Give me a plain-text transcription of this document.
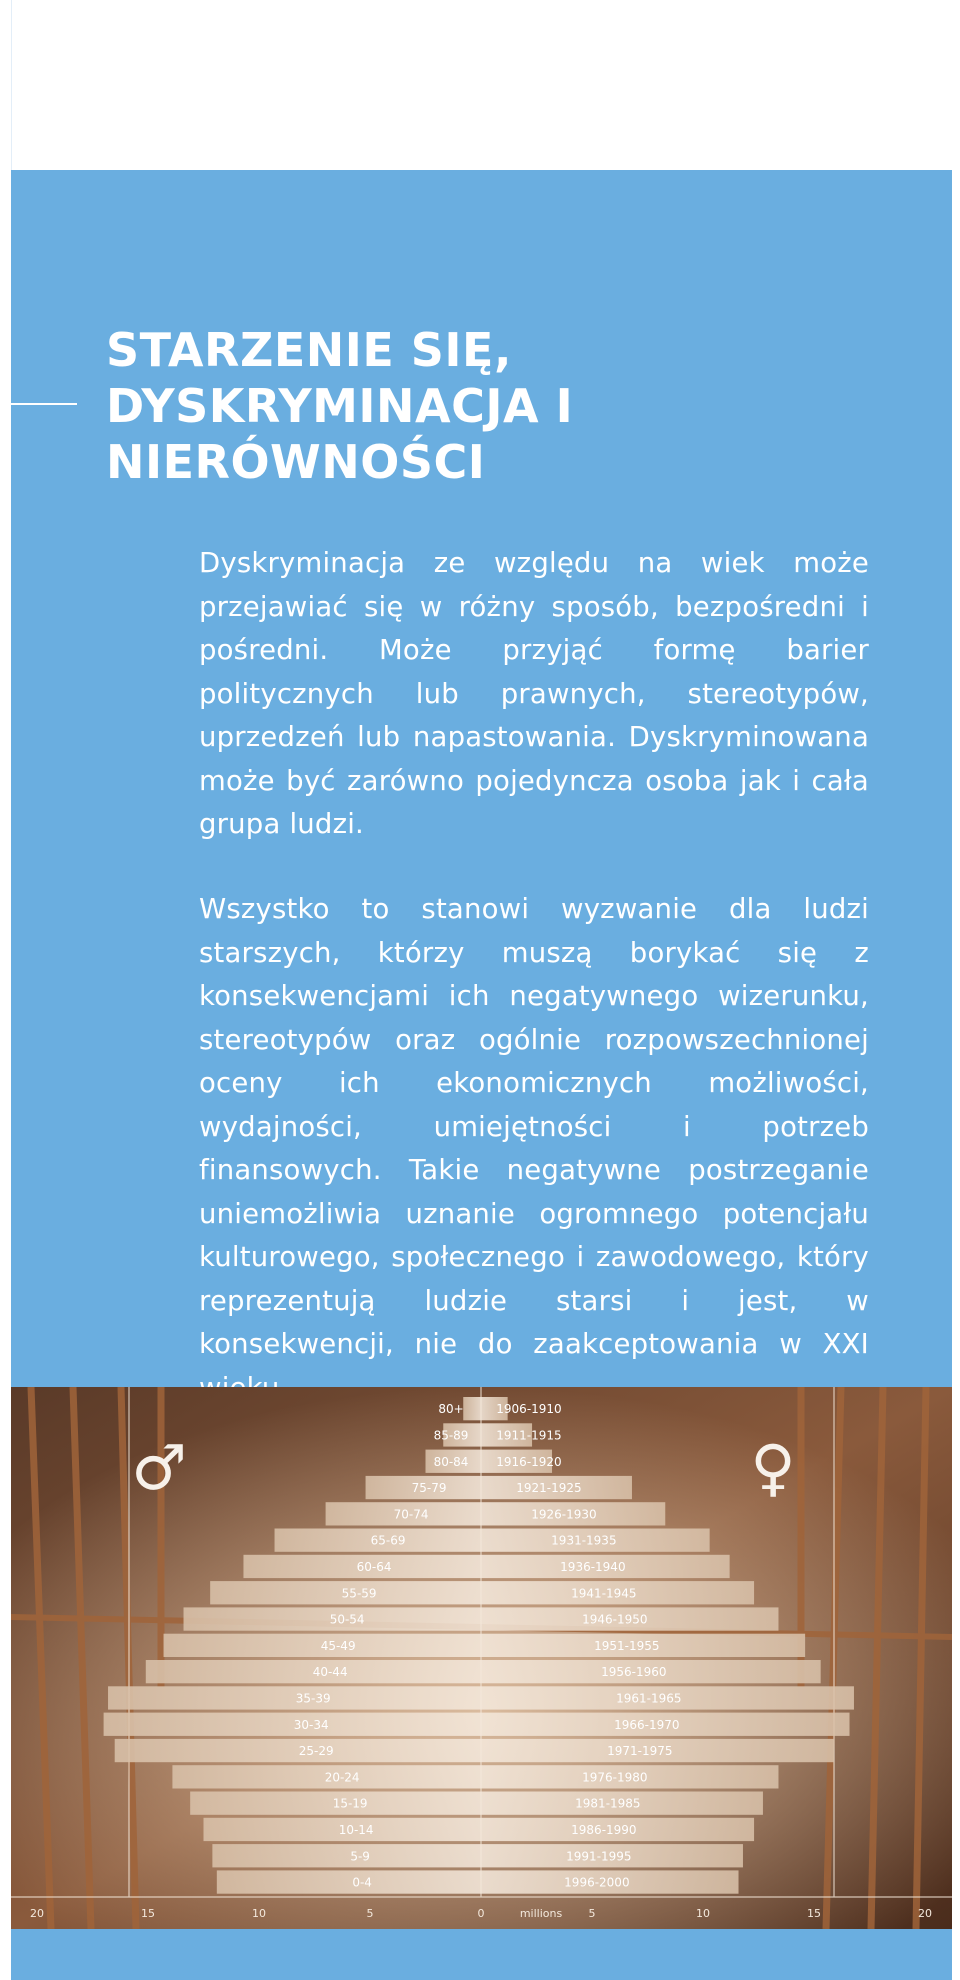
STARZENIE SIĘ, DYSKRYMINACJA I NIERÓWNOŚCI

Dyskryminacja ze względu na wiek może przejawiać się w różny sposób, bezpośredni i pośredni. Może przyjąć formę barier politycznych lub prawnych, stereotypów, uprzedzeń lub napastowania. Dyskryminowana może być zarówno pojedyncza osoba jak i cała grupa ludzi.

Wszystko to stanowi wyzwanie dla ludzi starszych, którzy muszą borykać się z konsekwencjami ich negatywnego wizerunku, stereotypów oraz ogólnie rozpowszechnionej oceny ich ekonomicznych możliwości, wydajności, umiejętności i potrzeb finansowych. Takie negatywne postrzeganie uniemożliwia uznanie ogromnego potencjału kulturowego, społecznego i zawodowego, który reprezentują ludzie starsi i jest, w konsekwencji, nie do zaakceptowania w XXI

80+
85-89
80-84
75-79
70-74
65-69
60-64
55-59
50-54
45-49
40-44
35-39
30-34
25-29
20-24
15-19
10-14
5-9
0-4
1906-1910
1911-1915
1916-1920
1921-1925
1926-1930
1931-1935
1936-1940
1941-1945
1946-1950
1951-1955
1956-1960
1961-1965
1966-1970
1971-1975
1976-1980
1981-1985
1986-1990
1991-1995
1996-2000
20	15	10	5	0	5	10	15	20
♂	♀
millions
